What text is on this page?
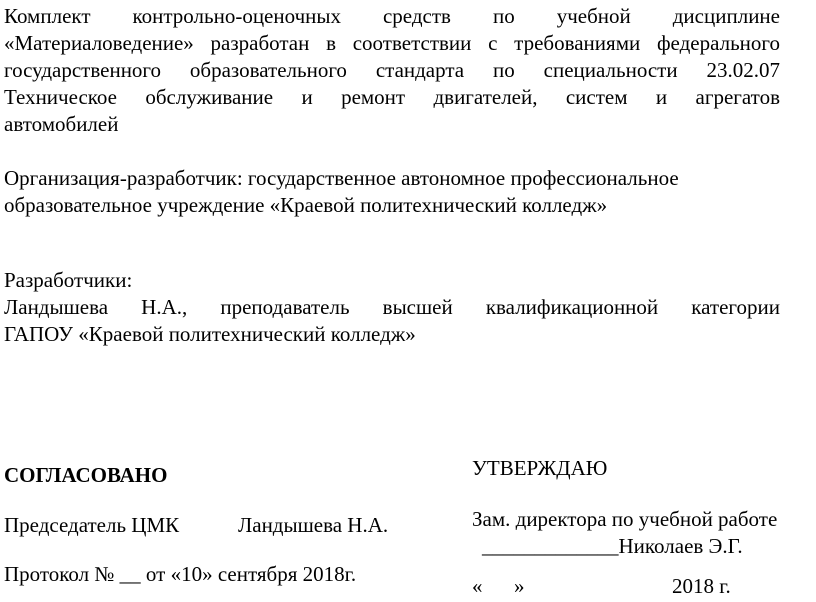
Комплект контрольно-оценочных средств по учебной дисциплине
«Материаловедение» разработан в соответствии с требованиями федерального
государственного образовательного стандарта по специальности 23.02.07
Техническое обслуживание и ремонт двигателей, систем и агрегатов
автомобилей
Организация-разработчик: государственное автономное профессиональное
образовательное учреждение «Краевой политехнический колледж»
Разработчики:
Ландышева Н.А., преподаватель высшей квалификационной категории
ГАПОУ «Краевой политехнический колледж»
СОГЛАСОВАНО
Председатель ЦМК	Ландышева Н.А.
Протокол № __ от «10» сентября 2018г.
УТВЕРЖДАЮ
Зам. директора по учебной работе
_____________Николаев Э.Г.
«      »	2018 г.
